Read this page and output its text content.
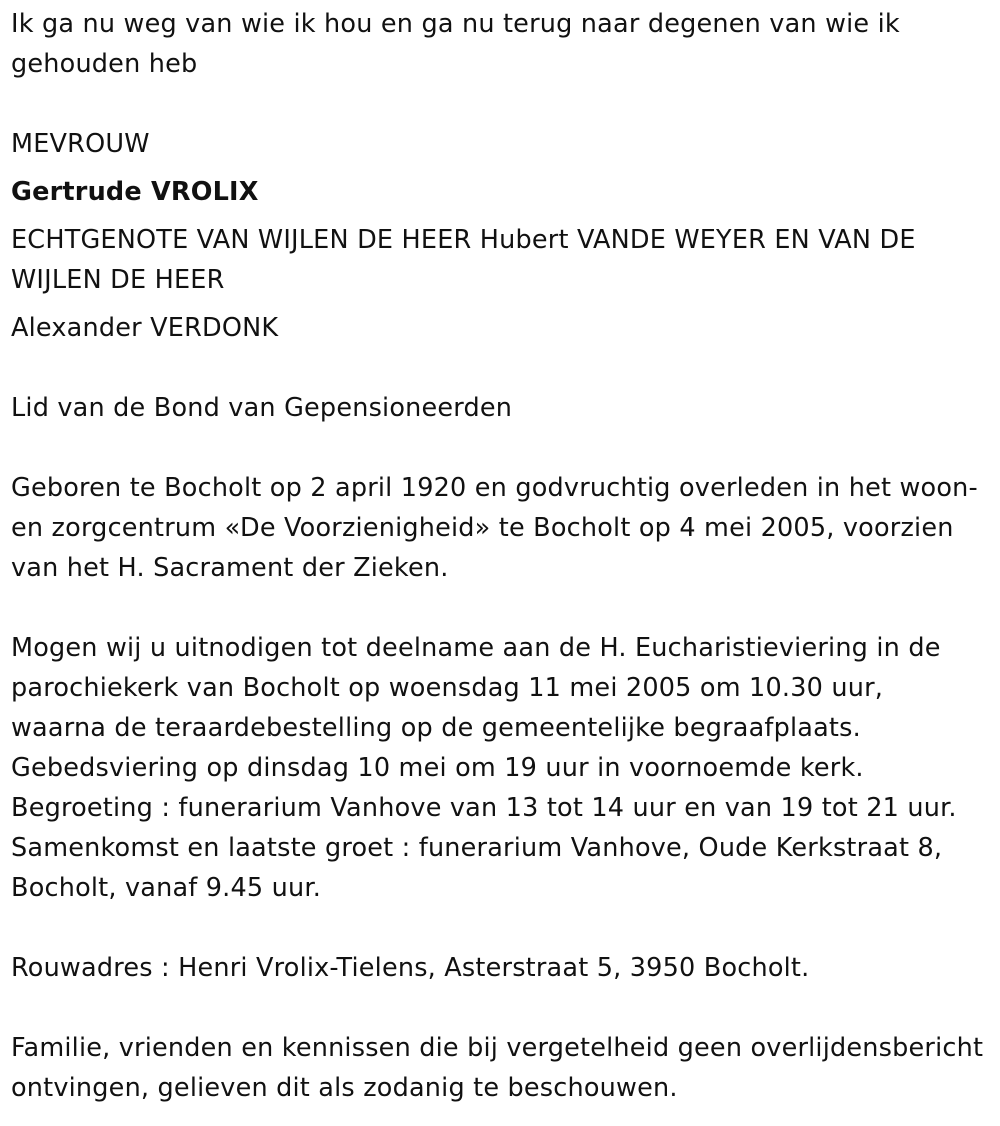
Ik ga nu weg van wie ik hou en ga nu terug naar degenen van wie ik gehouden heb

MEVROUW

Gertrude VROLIX

ECHTGENOTE VAN WIJLEN DE HEER Hubert VANDE WEYER EN VAN DE WIJLEN DE HEER

Alexander VERDONK

Lid van de Bond van Gepensioneerden

Geboren te Bocholt op 2 april 1920 en godvruchtig overleden in het woon- en zorgcentrum «De Voorzienigheid» te Bocholt op 4 mei 2005, voorzien van het H. Sacrament der Zieken.

Mogen wij u uitnodigen tot deelname aan de H. Eucharistieviering in de parochiekerk van Bocholt op woensdag 11 mei 2005 om 10.30 uur, waarna de teraardebestelling op de gemeentelijke begraafplaats.

Gebedsviering op dinsdag 10 mei om 19 uur in voornoemde kerk.

Begroeting : funerarium Vanhove van 13 tot 14 uur en van 19 tot 21 uur.

Samenkomst en laatste groet : funerarium Vanhove, Oude Kerkstraat 8, Bocholt, vanaf 9.45 uur.

Rouwadres : Henri Vrolix-Tielens, Asterstraat 5, 3950 Bocholt.

Familie, vrienden en kennissen die bij vergetelheid geen overlijdensbericht ontvingen, gelieven dit als zodanig te beschouwen.
